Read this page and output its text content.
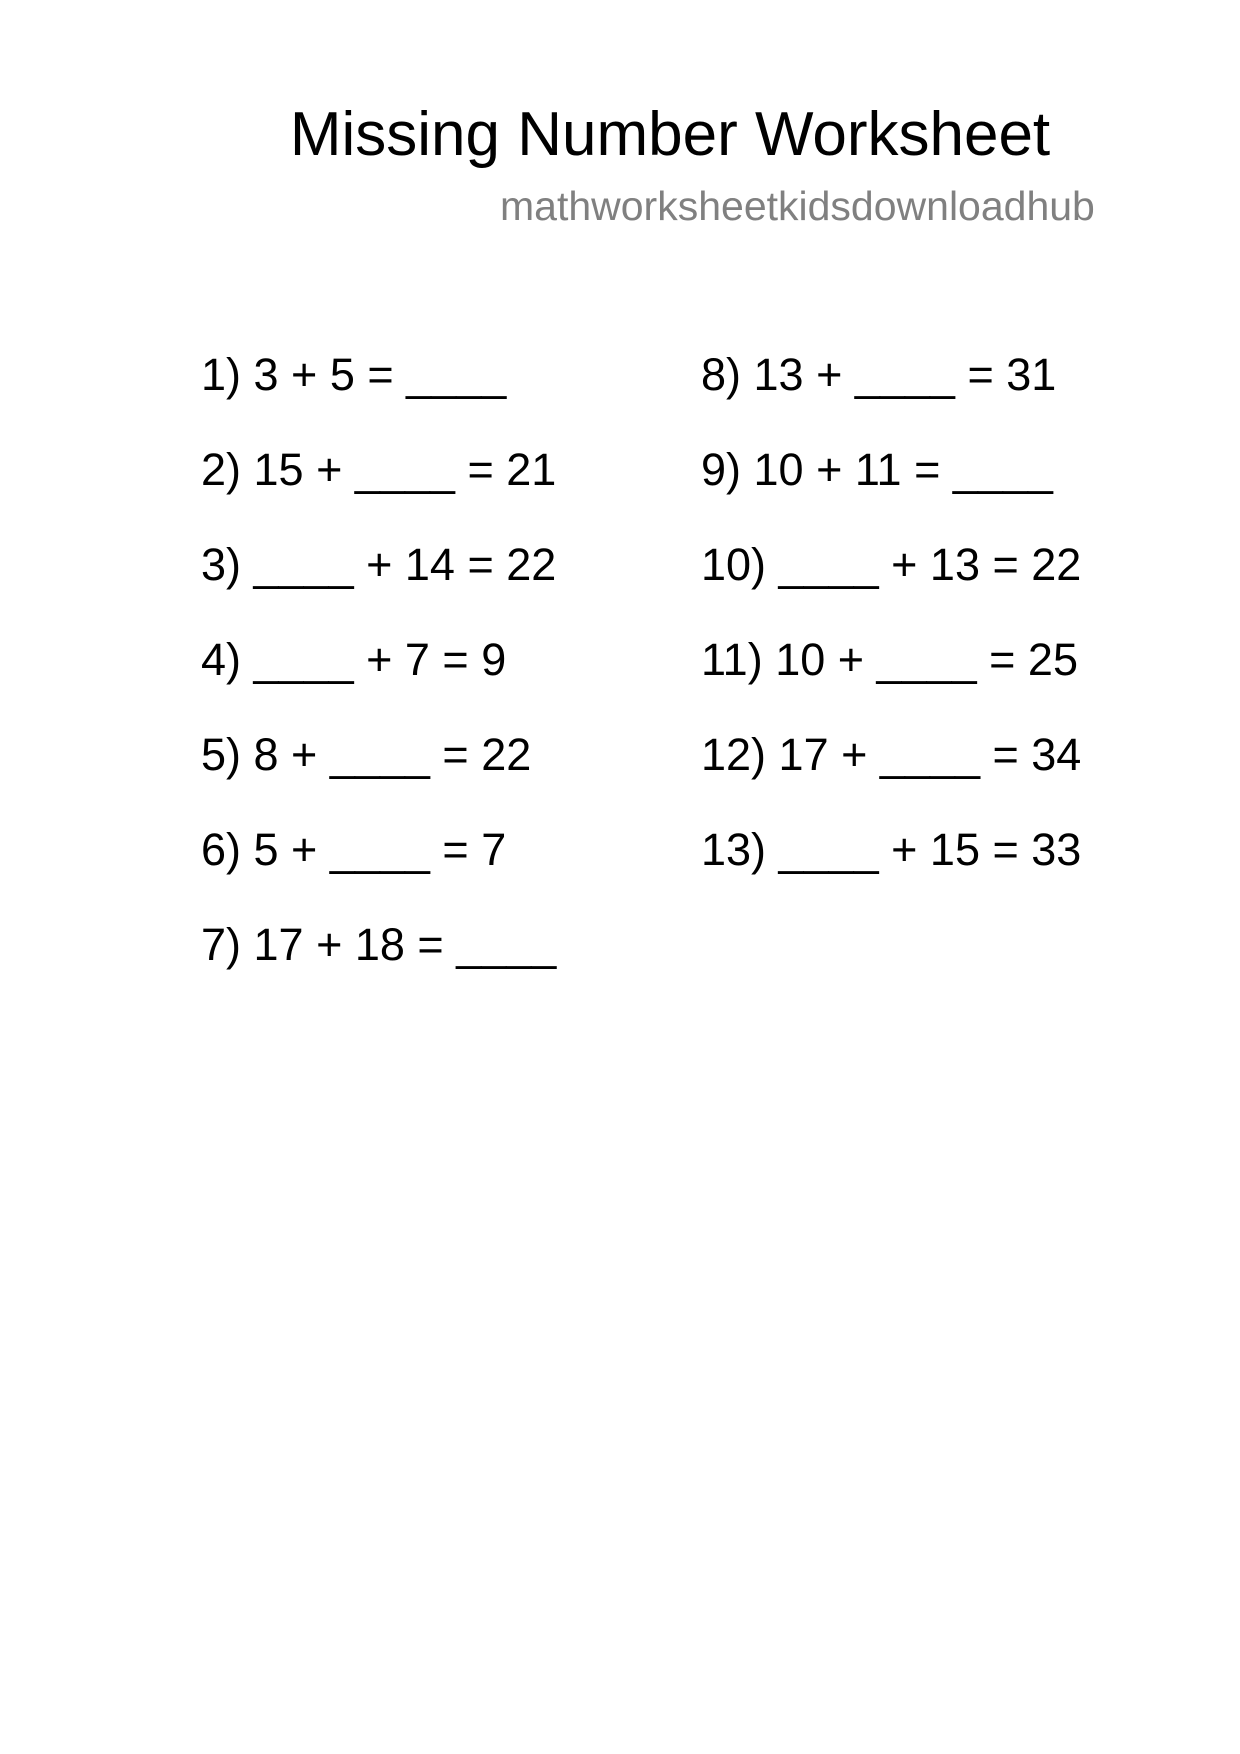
Missing Number Worksheet
mathworksheetkidsdownloadhub
1) 3 + 5 = ____
2) 15 + ____ = 21
3) ____ + 14 = 22
4) ____ + 7 = 9
5) 8 + ____ = 22
6) 5 + ____ = 7
7) 17 + 18 = ____
8) 13 + ____ = 31
9) 10 + 11 = ____
10) ____ + 13 = 22
11) 10 + ____ = 25
12) 17 + ____ = 34
13) ____ + 15 = 33
